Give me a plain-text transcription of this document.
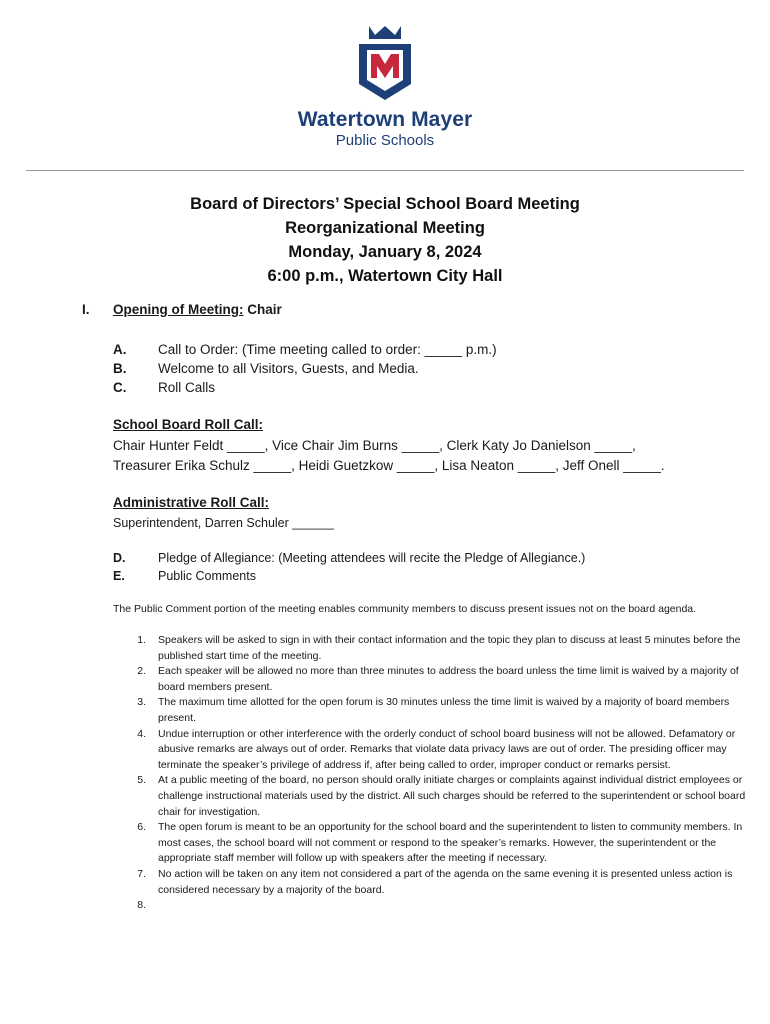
Watertown Mayer
Public Schools
Board of Directors’ Special School Board Meeting
Reorganizational Meeting
Monday, January 8, 2024
6:00 p.m., Watertown City Hall
I. Opening of Meeting: Chair
A.	Call to Order: (Time meeting called to order: _____ p.m.)
B.	Welcome to all Visitors, Guests, and Media.
C.	Roll Calls
School Board Roll Call:
Chair Hunter Feldt _____, Vice Chair Jim Burns _____, Clerk Katy Jo Danielson _____,
Treasurer Erika Schulz _____, Heidi Guetzkow _____, Lisa Neaton _____, Jeff Onell _____.
Administrative Roll Call:
Superintendent, Darren Schuler ______
D.	Pledge of Allegiance: (Meeting attendees will recite the Pledge of Allegiance.)
E.	Public Comments
The Public Comment portion of the meeting enables community members to discuss present issues not on the board agenda.
1.	Speakers will be asked to sign in with their contact information and the topic they plan to discuss at least 5 minutes before the published start time of the meeting.
2.	Each speaker will be allowed no more than three minutes to address the board unless the time limit is waived by a majority of board members present.
3.	The maximum time allotted for the open forum is 30 minutes unless the time limit is waived by a majority of board members present.
4.	Undue interruption or other interference with the orderly conduct of school board business will not be allowed. Defamatory or abusive remarks are always out of order. Remarks that violate data privacy laws are out of order. The presiding officer may terminate the speaker’s privilege of address if, after being called to order, improper conduct or remarks persist.
5.	At a public meeting of the board, no person should orally initiate charges or complaints against individual district employees or challenge instructional materials used by the district. All such charges should be referred to the superintendent or school board chair for investigation.
6.	The open forum is meant to be an opportunity for the school board and the superintendent to listen to community members. In most cases, the school board will not comment or respond to the speaker’s remarks. However, the superintendent or the appropriate staff member will follow up with speakers after the meeting if necessary.
7.	No action will be taken on any item not considered a part of the agenda on the same evening it is presented unless action is considered necessary by a majority of the board.
8.
